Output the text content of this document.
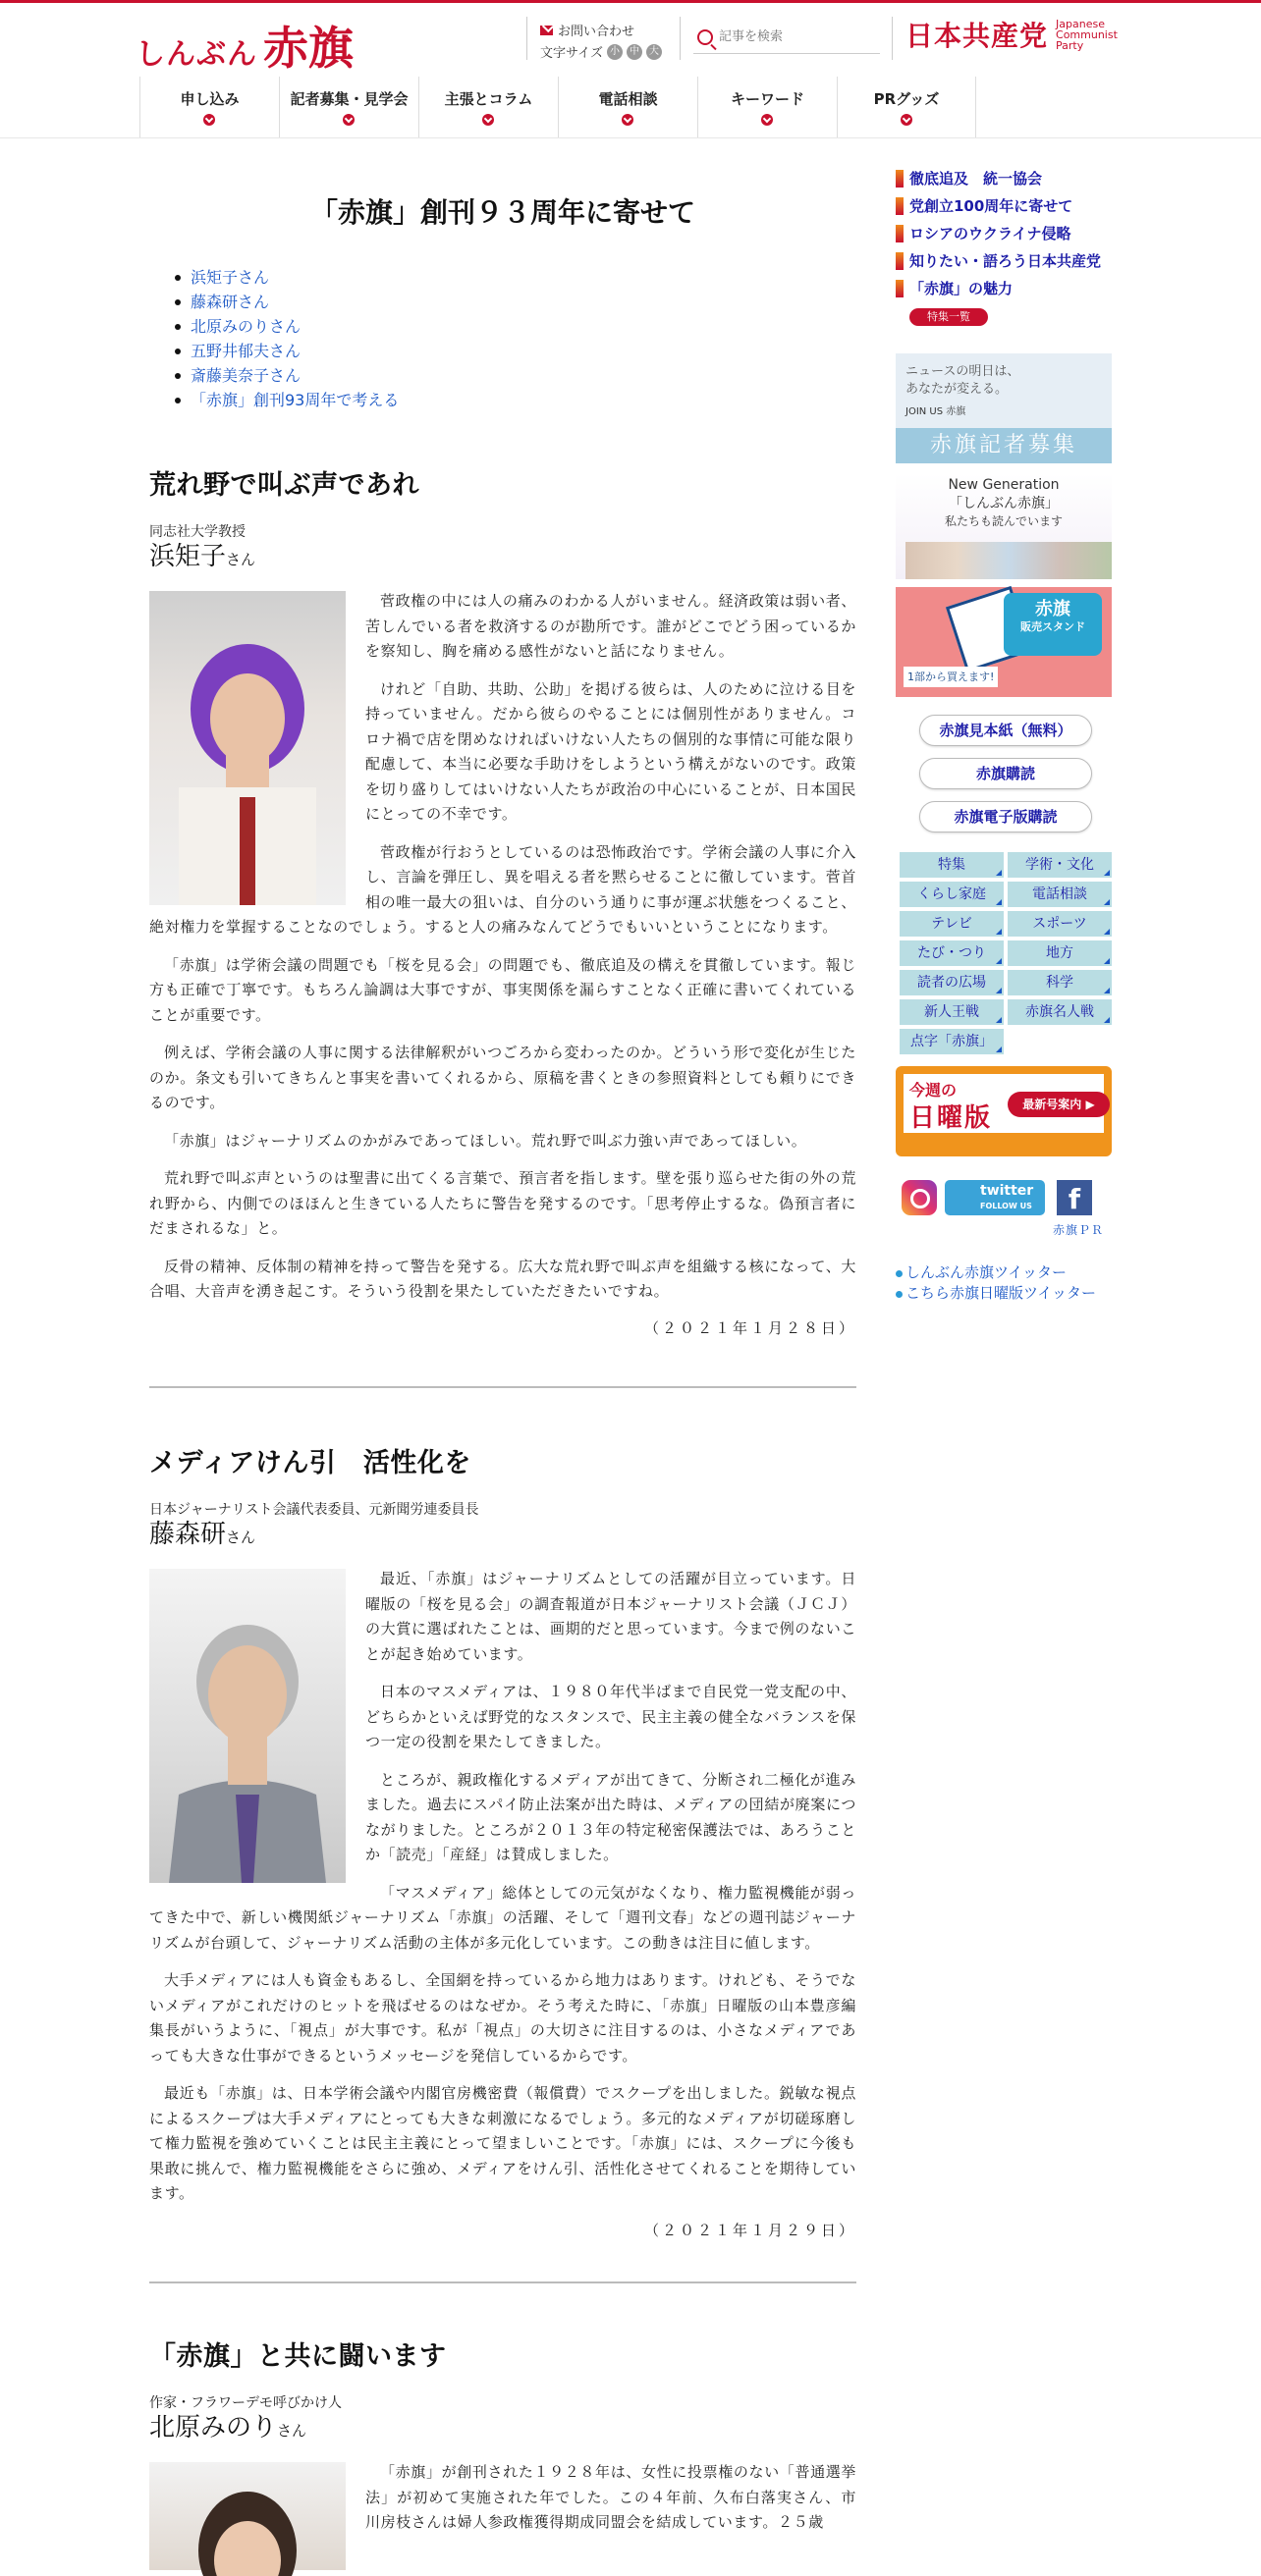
しんぶん 赤旗	お問い合わせ
文字サイズ 小	中	大
記事を検索	日本共産党 Japanese
Communist
Party
申し込み	記者募集・見学会	主張とコラム	電話相談	キーワード	PRグッズ
「赤旗」創刊９３周年に寄せて
浜矩子さん
藤森研さん
北原みのりさん
五野井郁夫さん
斎藤美奈子さん
「赤旗」創刊93周年で考える
荒れ野で叫ぶ声であれ
同志社大学教授
浜矩子さん

菅政権の中には人の痛みのわかる人がいません。経済政策は弱い者、苦しんでいる者を救済するのが勘所です。誰がどこでどう困っているかを察知し、胸を痛める感性がないと話になりません。

けれど「自助、共助、公助」を掲げる彼らは、人のために泣ける目を持っていません。だから彼らのやることには個別性がありません。コロナ禍で店を閉めなければいけない人たちの個別的な事情に可能な限り配慮して、本当に必要な手助けをしようという構えがないのです。政策を切り盛りしてはいけない人たちが政治の中心にいることが、日本国民にとっての不幸です。

菅政権が行おうとしているのは恐怖政治です。学術会議の人事に介入し、言論を弾圧し、異を唱える者を黙らせることに徹しています。菅首相の唯一最大の狙いは、自分のいう通りに事が運ぶ状態をつくること、絶対権力を掌握することなのでしょう。すると人の痛みなんてどうでもいいということになります。

「赤旗」は学術会議の問題でも「桜を見る会」の問題でも、徹底追及の構えを貫徹しています。報じ方も正確で丁寧です。もちろん論調は大事ですが、事実関係を漏らすことなく正確に書いてくれていることが重要です。

例えば、学術会議の人事に関する法律解釈がいつごろから変わったのか。どういう形で変化が生じたのか。条文も引いてきちんと事実を書いてくれるから、原稿を書くときの参照資料としても頼りにできるのです。

「赤旗」はジャーナリズムのかがみであってほしい。荒れ野で叫ぶ力強い声であってほしい。

荒れ野で叫ぶ声というのは聖書に出てくる言葉で、預言者を指します。壁を張り巡らせた街の外の荒れ野から、内側でのほほんと生きている人たちに警告を発するのです。「思考停止するな。偽預言者にだまされるな」と。

反骨の精神、反体制の精神を持って警告を発する。広大な荒れ野で叫ぶ声を組織する核になって、大合唱、大音声を湧き起こす。そういう役割を果たしていただきたいですね。

（２０２１年１月２８日）
メディアけん引　活性化を
日本ジャーナリスト会議代表委員、元新聞労連委員長
藤森研さん

最近、「赤旗」はジャーナリズムとしての活躍が目立っています。日曜版の「桜を見る会」の調査報道が日本ジャーナリスト会議（ＪＣＪ）の大賞に選ばれたことは、画期的だと思っています。今まで例のないことが起き始めています。

日本のマスメディアは、１９８０年代半ばまで自民党一党支配の中、どちらかといえば野党的なスタンスで、民主主義の健全なバランスを保つ一定の役割を果たしてきました。

ところが、親政権化するメディアが出てきて、分断され二極化が進みました。過去にスパイ防止法案が出た時は、メディアの団結が廃案につながりました。ところが２０１３年の特定秘密保護法では、あろうことか「読売」「産経」は賛成しました。

「マスメディア」総体としての元気がなくなり、権力監視機能が弱ってきた中で、新しい機関紙ジャーナリズム「赤旗」の活躍、そして「週刊文春」などの週刊誌ジャーナリズムが台頭して、ジャーナリズム活動の主体が多元化しています。この動きは注目に値します。

大手メディアには人も資金もあるし、全国網を持っているから地力はあります。けれども、そうでないメディアがこれだけのヒットを飛ばせるのはなぜか。そう考えた時に、「赤旗」日曜版の山本豊彦編集長がいうように、「視点」が大事です。私が「視点」の大切さに注目するのは、小さなメディアであっても大きな仕事ができるというメッセージを発信しているからです。

最近も「赤旗」は、日本学術会議や内閣官房機密費（報償費）でスクープを出しました。鋭敏な視点によるスクープは大手メディアにとっても大きな刺激になるでしょう。多元的なメディアが切磋琢磨して権力監視を強めていくことは民主主義にとって望ましいことです。「赤旗」には、スクープに今後も果敢に挑んで、権力監視機能をさらに強め、メディアをけん引、活性化させてくれることを期待しています。

（２０２１年１月２９日）
「赤旗」と共に闘います
作家・フラワーデモ呼びかけ人
北原みのりさん

「赤旗」が創刊された１９２８年は、女性に投票権のない「普通選挙法」が初めて実施された年でした。この４年前、久布白落実さん、市川房枝さんは婦人参政権獲得期成同盟会を結成しています。２５歳

徹底追及　統一協会
党創立100周年に寄せて
ロシアのウクライナ侵略
知りたい・語ろう日本共産党
「赤旗」の魅力
特集一覧
ニュースの明日は、
あなたが変える。
JOIN US 赤旗
赤旗記者募集
New Generation
「しんぶん赤旗」
私たちも読んでいます
赤旗
販売スタンド
1部から買えます!
赤旗見本紙（無料）
赤旗購読
赤旗電子版購読
特集	学術・文化
くらし家庭	電話相談
テレビ	スポーツ
たび・つり	地方
読者の広場	科学
新人王戦	赤旗名人戦
点字「赤旗」
今週の
日曜版	最新号案内 ▶
twitter
FOLLOW US	f
赤旗ＰＲ
しんぶん赤旗ツイッター
こちら赤旗日曜版ツイッター
